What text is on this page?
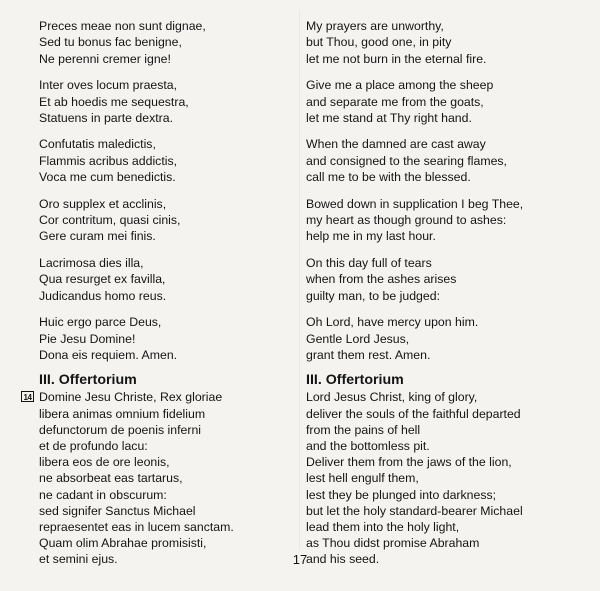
Preces meae non sunt dignae,
Sed tu bonus fac benigne,
Ne perenni cremer igne!

Inter oves locum praesta,
Et ab hoedis me sequestra,
Statuens in parte dextra.

Confutatis maledictis,
Flammis acribus addictis,
Voca me cum benedictis.

Oro supplex et acclinis,
Cor contritum, quasi cinis,
Gere curam mei finis.

Lacrimosa dies illa,
Qua resurget ex favilla,
Judicandus homo reus.

Huic ergo parce Deus,
Pie Jesu Domine!
Dona eis requiem. Amen.

III. Offertorium
14 Domine Jesu Christe, Rex gloriae
libera animas omnium fidelium
defunctorum de poenis inferni
et de profundo lacu:
libera eos de ore leonis,
ne absorbeat eas tartarus,
ne cadant in obscurum:
sed signifer Sanctus Michael
repraesentet eas in lucem sanctam.
Quam olim Abrahae promisisti,
et semini ejus.

My prayers are unworthy,
but Thou, good one, in pity
let me not burn in the eternal fire.

Give me a place among the sheep
and separate me from the goats,
let me stand at Thy right hand.

When the damned are cast away
and consigned to the searing flames,
call me to be with the blessed.

Bowed down in supplication I beg Thee,
my heart as though ground to ashes:
help me in my last hour.

On this day full of tears
when from the ashes arises
guilty man, to be judged:

Oh Lord, have mercy upon him.
Gentle Lord Jesus,
grant them rest. Amen.

III. Offertorium
Lord Jesus Christ, king of glory,
deliver the souls of the faithful departed
from the pains of hell
and the bottomless pit.
Deliver them from the jaws of the lion,
lest hell engulf them,
lest they be plunged into darkness;
but let the holy standard-bearer Michael
lead them into the holy light,
as Thou didst promise Abraham
and his seed.
17
